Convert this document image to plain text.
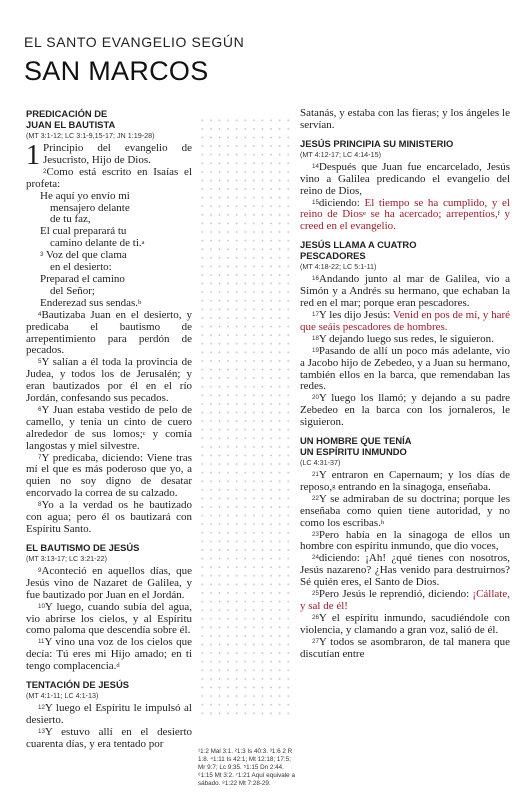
EL SANTO EVANGELIO SEGÚN
SAN MARCOS
PREDICACIÓN DE
JUAN EL BAUTISTA
(MT 3:1-12; LC 3:1-9,15-17; JN 1:19-28)

1 Principio del evangelio de Jesucristo, Hijo de Dios.

$^2$Como está escrito en Isaías el profeta:

He aquí yo envío mi
mensajero delante
de tu faz,
El cual preparará tu
camino delante de ti.$^a$
$^3$ Voz del que clama
en el desierto:
Preparad el camino
del Señor;
Enderezad sus sendas.$^b$

$^4$Bautizaba Juan en el desierto, y predicaba el bautismo de arrepentimiento para perdón de pecados.

$^5$Y salían a él toda la provincia de Judea, y todos los de Jerusalén; y eran bautizados por él en el río Jordán, confesando sus pecados.

$^6$Y Juan estaba vestido de pelo de camello, y tenía un cinto de cuero alrededor de sus lomos;$^c$ y comía langostas y miel silvestre.

$^7$Y predicaba, diciendo: Viene tras mí el que es más poderoso que yo, a quien no soy digno de desatar encorvado la correa de su calzado.

$^8$Yo a la verdad os he bautizado con agua; pero él os bautizará con Espíritu Santo.

EL BAUTISMO DE JESÚS
(MT 3:13-17; LC 3:21-22)

$^9$Aconteció en aquellos días, que Jesús vino de Nazaret de Galilea, y fue bautizado por Juan en el Jordán.

$^{10}$Y luego, cuando subía del agua, vio abrirse los cielos, y al Espíritu como paloma que descendía sobre él.

$^{11}$Y vino una voz de los cielos que decía: Tú eres mi Hijo amado; en ti tengo complacencia.$^d$

TENTACIÓN DE JESÚS
(MT 4:1-11; LC 4:1-13)

$^{12}$Y luego el Espíritu le impulsó al desierto.

$^{13}$Y estuvo allí en el desierto cuarenta días, y era tentado por

¹1:2 Mal 3:1. ²1:3 Is 40:3. ³1:6 2 R 1:8. ⁴1:11 Is 42:1; Mt 12:18; 17:5; Mr 9:7; Lc 9:35. ⁵1:15 Dn 2:44. ⁶1:15 Mt 3:2. ⁷1:21 Aquí equivale a sábado. ⁸1:22 Mt 7:28-29.

Satanás, y estaba con las fieras; y los ángeles le servían.

JESÚS PRINCIPIA SU MINISTERIO
(MT 4:12-17; LC 4:14-15)

$^{14}$Después que Juan fue encarcelado, Jesús vino a Galilea predicando el evangelio del reino de Dios,

$^{15}$diciendo: El tiempo se ha cumplido, y el reino de Dios$^e$ se ha acercado; arrepentíos,$^f$ y creed en el evangelio.

JESÚS LLAMA A CUATRO
PESCADORES
(MT 4:18-22; LC 5:1-11)

$^{16}$Andando junto al mar de Galilea, vio a Simón y a Andrés su hermano, que echaban la red en el mar; porque eran pescadores.

$^{17}$Y les dijo Jesús: Venid en pos de mí, y haré que seáis pescadores de hombres.

$^{18}$Y dejando luego sus redes, le siguieron.

$^{19}$Pasando de allí un poco más adelante, vio a Jacobo hijo de Zebedeo, y a Juan su hermano, también ellos en la barca, que remendaban las redes.

$^{20}$Y luego los llamó; y dejando a su padre Zebedeo en la barca con los jornaleros, le siguieron.

UN HOMBRE QUE TENÍA
UN ESPÍRITU INMUNDO
(LC 4:31-37)

$^{21}$Y entraron en Capernaum; y los días de reposo,$^g$ entrando en la sinagoga, enseñaba.

$^{22}$Y se admiraban de su doctrina; porque les enseñaba como quien tiene autoridad, y no como los escribas.$^h$

$^{23}$Pero había en la sinagoga de ellos un hombre con espíritu inmundo, que dio voces,

$^{24}$diciendo: ¡Ah! ¿qué tienes con nosotros, Jesús nazareno? ¿Has venido para destruirnos? Sé quién eres, el Santo de Dios.

$^{25}$Pero Jesús le reprendió, diciendo: ¡Cállate, y sal de él!

$^{26}$Y el espíritu inmundo, sacudiéndole con violencia, y clamando a gran voz, salió de él.

$^{27}$Y todos se asombraron, de tal manera que discutían entre
